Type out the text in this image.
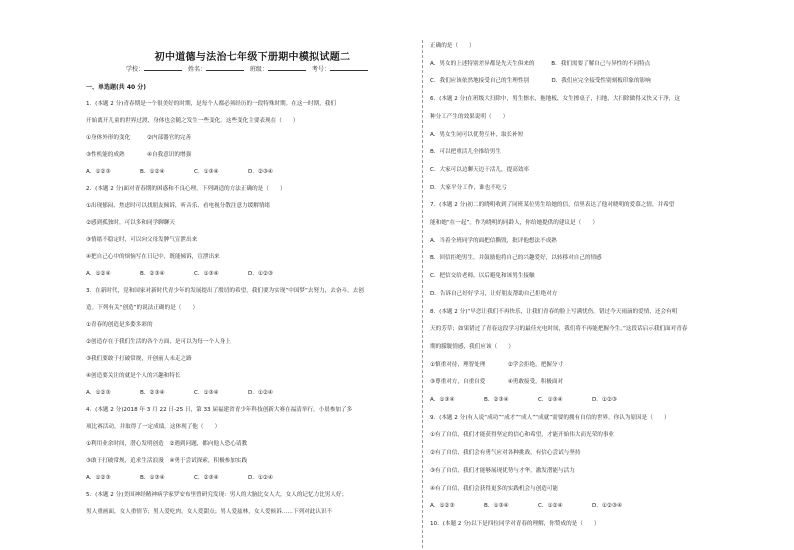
初中道德与法治七年级下册期中模拟试题二
学校：	姓名：	班级：	考号：
一、单选题(共 40 分)
1．(本题 2 分)青春期是一个很美好的时期，是每个人都必须经历的一段特殊时期。在这一时期，我们
开始离开儿童的世界过渡，身体也会随之发生一些变化。这些变化主要表现在（　　）
①身体外形的变化　　　②内部器官的完善
③性机能的成熟　　　　④自我意识的增强
A．①②③	B．①②④	C．①③④	D．②③④
2．(本题 2 分)面对青春期的困惑和不良心理，下列调适的方法正确的是（　　）
①出现郁闷、焦虑时可以找朋友倾诉，听音乐、看电视分散注意力缓解情绪
②感到孤独时，可以多和同学聊聊天
③情绪不稳定时，可以向父母发脾气宣泄出来
④把自己心中的烦恼写在日记中，既能倾诉，宣泄出来
A．①②④	B．②③④	C．①③④	D．①②③
3．在新时代，党和国家对新时代青少年的发展提出了殷切的希望，我们要为实现“中国梦”去努力，去奋斗，去创
造。下列有关“创造”的说法正确的是（　　）
①青春的创造是多姿多彩的
②创造存在于我们生活的各个方面，是可以为每一个人身上
③我们要敢于打破常规，开创前人未走之路
④创造要关注的就是个人的兴趣和特长
A．①②③	B．②③④	C．①③④	D．①②④
4．(本题 2 分)2018 年 3 月 22 日-25 日，第 33 届福建省青少年科技创新大赛在福清举行。小晨参加了多
项比赛活动，并取得了一定成绩。这体现了他（　　）
①利用业余时间，潜心发明创造　②遇到问题，都向他人恐心请教
③敢于打破常规，追求生活浪漫　④勇于尝试探索，积极参加实践
A．①②③	B．①③④	C．②③④	D．①②④
5．(本题 2 分)美国神经精神病学家罗安布里曾研究发现：男人的大脑比女人大，女人的记忆力比男人好；
男人重画面，女人重情节；男人爱吃肉，女人爱甜点；男人爱兹林，女人爱候诉……下列对此认识不
正确的是（　　）
A．男女的上述特别差异都是先天生俱来的　　　B．我们需要了解自己与异性的不同特点
C．我们应该依然地接受自己的生理性别　　　　D．我们应完全接受性别刻板印象的影响
6．(本题 2 分)在班级大扫除中，男生擦水，拖地板，女生擦桌子，扫地，大扫除做得又快又干净，这
种分工产生的效果说明（　　）
A．男女生同可以优势互补，取长补短
B．可以把重活儿全推给男生
C．大家可以边聊天边干活儿，提高效率
D．大家平分工作，谁也不吃亏
7．(本题 2 分)初二的晓明收到了同班某位男生给她的信，信里表达了他对晓明的爱慕之情，并希望
能和她“在一起”。作为晓明的同龄人，你给她提供的建议是（　　）
A．当着全班同学的面把信撕毁，批评他想法不成熟
B．回信拒绝男生，并鼓励他将自己的兴趣爱好，以转移对自己的情感
C．把信交给老师，以后避免和该男生接触
D．告诉自己好好学习，让好朋友帮助自己拒绝对方
8．(本题 2 分)“早恋让我们不再快乐，让我们青春的脸上写满忧伤。错过今天雨滴的爱情，还会有明
天的芳草；如果错过了青春这段学习的最佳充电时间，我们将不再能把握今生。”这段话启示我们面对青春
期的朦胧情感，我们应该（　　）
①慎重对待，理智处理　　　　②学会拒绝，把握分寸
③尊重对方，自重自爱　　　　④勇敢接受，积极面对
A．①③④	B．②③④	C．①③④	D．①②③
9．(本题 2 分)有人说“成功”“成才”“成人”“成就”需要的拥有自信的世界。你认为原因是（　　）
①有了自信，我们才能获得坚定的信心和希望，才能开始伟大而光荣的事业
②有了自信，我们会有勇气应对各种挑战，有信心尝试与坚持
③有了自信，我们才能够展现优势与才华，激发潜能与活力
④有了自信，我们会获得更多的实践机会与创造可能
A．①②③	B．①③④	C．①②④	D．①②③④
10．(本题 2 分)以下是四位同学对青春的理解，你赞成的是（　　）
